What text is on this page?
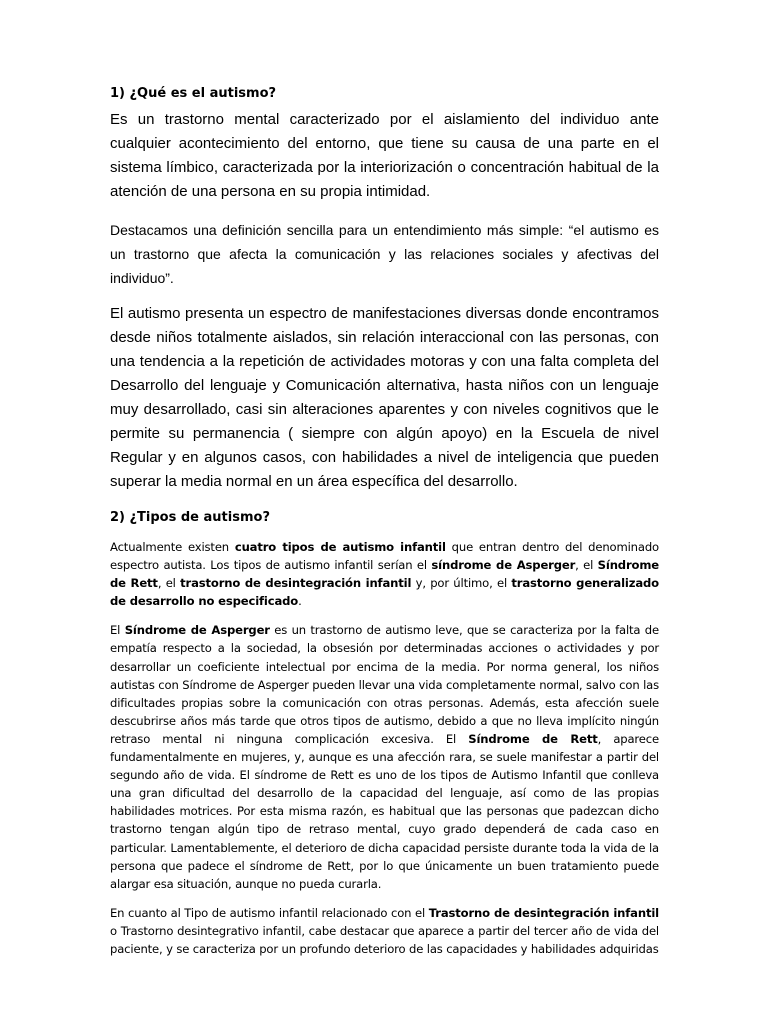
1) ¿Qué es el autismo?

Es un trastorno mental caracterizado por el aislamiento del individuo ante cualquier acontecimiento del entorno, que tiene su causa de una parte en el sistema límbico, caracterizada por la interiorización o concentración habitual de la atención de una persona en su propia intimidad.

Destacamos una definición sencilla para un entendimiento más simple: “el autismo es un trastorno que afecta la comunicación y las relaciones sociales y afectivas del individuo”.

El autismo presenta un espectro de manifestaciones diversas donde encontramos desde niños totalmente aislados, sin relación interaccional con las personas, con una tendencia a la repetición de actividades motoras y con una falta completa del Desarrollo del lenguaje y Comunicación alternativa, hasta niños con un lenguaje muy desarrollado, casi sin alteraciones aparentes y con niveles cognitivos que le permite su permanencia ( siempre con algún apoyo) en la Escuela de nivel Regular y en algunos casos, con habilidades a nivel de inteligencia que pueden superar la media normal en un área específica del desarrollo.

2) ¿Tipos de autismo?

Actualmente existen cuatro tipos de autismo infantil que entran dentro del denominado espectro autista. Los tipos de autismo infantil serían el síndrome de Asperger, el Síndrome de Rett, el trastorno de desintegración infantil y, por último, el trastorno generalizado de desarrollo no especificado.

El Síndrome de Asperger es un trastorno de autismo leve, que se caracteriza por la falta de empatía respecto a la sociedad, la obsesión por determinadas acciones o actividades y por desarrollar un coeficiente intelectual por encima de la media. Por norma general, los niños autistas con Síndrome de Asperger pueden llevar una vida completamente normal, salvo con las dificultades propias sobre la comunicación con otras personas. Además, esta afección suele descubrirse años más tarde que otros tipos de autismo, debido a que no lleva implícito ningún retraso mental ni ninguna complicación excesiva. El Síndrome de Rett, aparece fundamentalmente en mujeres, y, aunque es una afección rara, se suele manifestar a partir del segundo año de vida. El síndrome de Rett es uno de los tipos de Autismo Infantil que conlleva una gran dificultad del desarrollo de la capacidad del lenguaje, así como de las propias habilidades motrices. Por esta misma razón, es habitual que las personas que padezcan dicho trastorno tengan algún tipo de retraso mental, cuyo grado dependerá de cada caso en particular. Lamentablemente, el deterioro de dicha capacidad persiste durante toda la vida de la persona que padece el síndrome de Rett, por lo que únicamente un buen tratamiento puede alargar esa situación, aunque no pueda curarla.

En cuanto al Tipo de autismo infantil relacionado con el Trastorno de desintegración infantil o Trastorno desintegrativo infantil, cabe destacar que aparece a partir del tercer año de vida del paciente, y se caracteriza por un profundo deterioro de las capacidades y habilidades adquiridas
